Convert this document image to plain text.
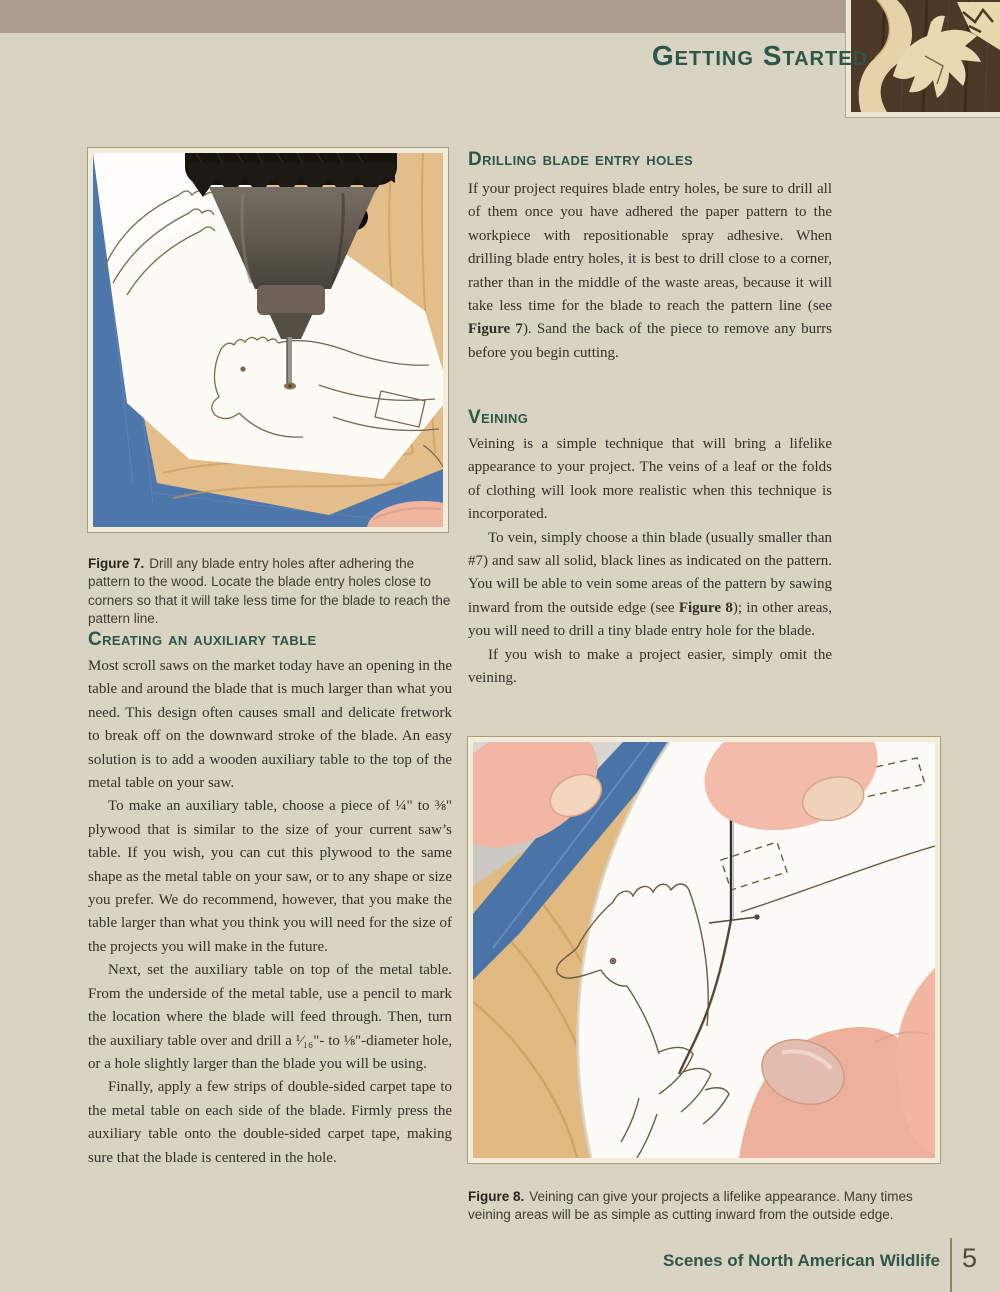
Getting Started

Figure 7. Drill any blade entry holes after adhering the pattern to the wood. Locate the blade entry holes close to corners so that it will take less time for the blade to reach the pattern line.

Creating an auxiliary table

Most scroll saws on the market today have an opening in the table and around the blade that is much larger than what you need. This design often causes small and delicate fretwork to break off on the downward stroke of the blade. An easy solution is to add a wooden auxiliary table to the top of the metal table on your saw.

To make an auxiliary table, choose a piece of ¼" to ⅜" plywood that is similar to the size of your current saw’s table. If you wish, you can cut this plywood to the same shape as the metal table on your saw, or to any shape or size you prefer. We do recommend, however, that you make the table larger than what you think you will need for the size of the projects you will make in the future.

Next, set the auxiliary table on top of the metal table. From the underside of the metal table, use a pencil to mark the location where the blade will feed through. Then, turn the auxiliary table over and drill a ¹⁄₁₆"- to ⅛"-diameter hole, or a hole slightly larger than the blade you will be using.

Finally, apply a few strips of double-sided carpet tape to the metal table on each side of the blade. Firmly press the auxiliary table onto the double-sided carpet tape, making sure that the blade is centered in the hole.

Drilling blade entry holes

If your project requires blade entry holes, be sure to drill all of them once you have adhered the paper pattern to the workpiece with repositionable spray adhesive. When drilling blade entry holes, it is best to drill close to a corner, rather than in the middle of the waste areas, because it will take less time for the blade to reach the pattern line (see Figure 7). Sand the back of the piece to remove any burrs before you begin cutting.

Veining

Veining is a simple technique that will bring a lifelike appearance to your project. The veins of a leaf or the folds of clothing will look more realistic when this technique is incorporated.

To vein, simply choose a thin blade (usually smaller than #7) and saw all solid, black lines as indicated on the pattern. You will be able to vein some areas of the pattern by sawing inward from the outside edge (see Figure 8); in other areas, you will need to drill a tiny blade entry hole for the blade.

If you wish to make a project easier, simply omit the veining.

Figure 8. Veining can give your projects a lifelike appearance. Many times veining areas will be as simple as cutting inward from the outside edge.

Scenes of North American Wildlife 5
